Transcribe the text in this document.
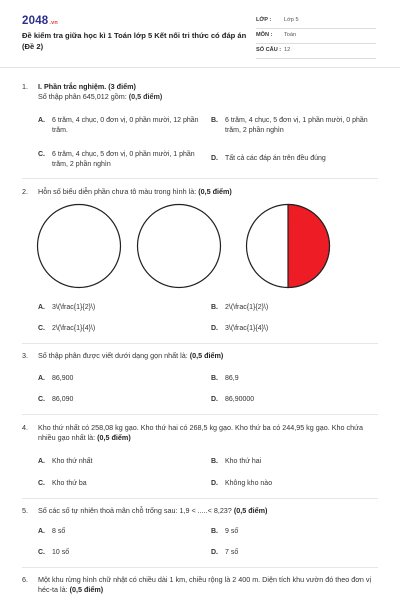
2048.vn
Đề kiểm tra giữa học kì 1 Toán lớp 5 Kết nối tri thức có đáp án (Đề 2)
LỚP : Lớp 5
MÔN : Toán
SỐ CÂU : 12
1. I. Phần trắc nghiệm. (3 điểm)
Số thập phân 645,012 gồm: (0,5 điểm)
A. 6 trăm, 4 chục, 0 đơn vị, 0 phần mười, 12 phần trăm.
B. 6 trăm, 4 chục, 5 đơn vị, 1 phần mười, 0 phần trăm, 2 phần nghìn
C. 6 trăm, 4 chục, 5 đơn vị, 0 phần mười, 1 phần trăm, 2 phần nghìn
D. Tất cả các đáp án trên đều đúng
2. Hỗn số biểu diễn phần chưa tô màu trong hình là: (0,5 điểm)
A. 3\(\frac{1}{2}\)	B. 2\(\frac{1}{2}\)
C. 2\(\frac{1}{4}\)	D. 3\(\frac{1}{4}\)
3. Số thập phân được viết dưới dạng gọn nhất là: (0,5 điểm)
A. 86,900	B. 86,9
C. 86,090	D. 86,90000
4. Kho thứ nhất có 258,08 kg gạo. Kho thứ hai có 268,5 kg gạo. Kho thứ ba có 244,95 kg gạo. Kho chứa nhiều gạo nhất là: (0,5 điểm)
A. Kho thứ nhất	B. Kho thứ hai
C. Kho thứ ba	D. Không kho nào
5. Số các số tự nhiên thoả mãn chỗ trống sau: 1,9 < .....< 8,23? (0,5 điểm)
A. 8 số	B. 9 số
C. 10 số	D. 7 số
6. Một khu rừng hình chữ nhật có chiều dài 1 km, chiều rộng là 2 400 m. Diện tích khu vườn đó theo đơn vị héc-ta là: (0,5 điểm)
